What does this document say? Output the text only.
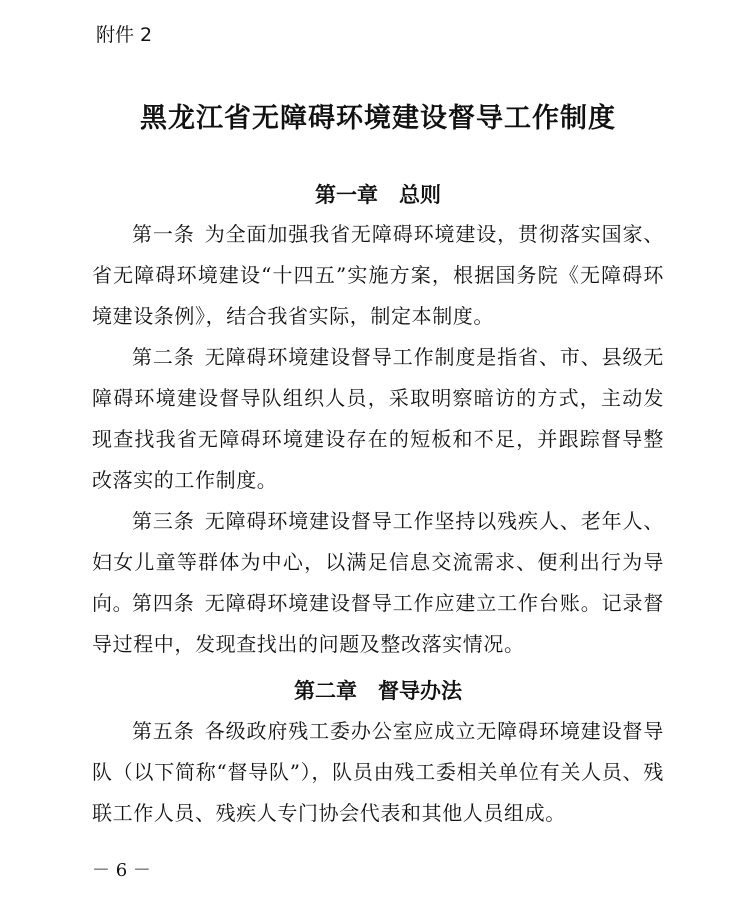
附件 2
黑龙江省无障碍环境建设督导工作制度
第一章　总则
第一条 为全面加强我省无障碍环境建设，贯彻落实国家、省无障碍环境建设“十四五”实施方案，根据国务院《无障碍环境建设条例》，结合我省实际，制定本制度。
第二条 无障碍环境建设督导工作制度是指省、市、县级无障碍环境建设督导队组织人员，采取明察暗访的方式，主动发现查找我省无障碍环境建设存在的短板和不足，并跟踪督导整改落实的工作制度。
第三条 无障碍环境建设督导工作坚持以残疾人、老年人、妇女儿童等群体为中心，以满足信息交流需求、便利出行为导向。
第四条 无障碍环境建设督导工作应建立工作台账。记录督导过程中，发现查找出的问题及整改落实情况。
第二章　督导办法
第五条 各级政府残工委办公室应成立无障碍环境建设督导队（以下简称“督导队”），队员由残工委相关单位有关人员、残联工作人员、残疾人专门协会代表和其他人员组成。
－ 6 －
